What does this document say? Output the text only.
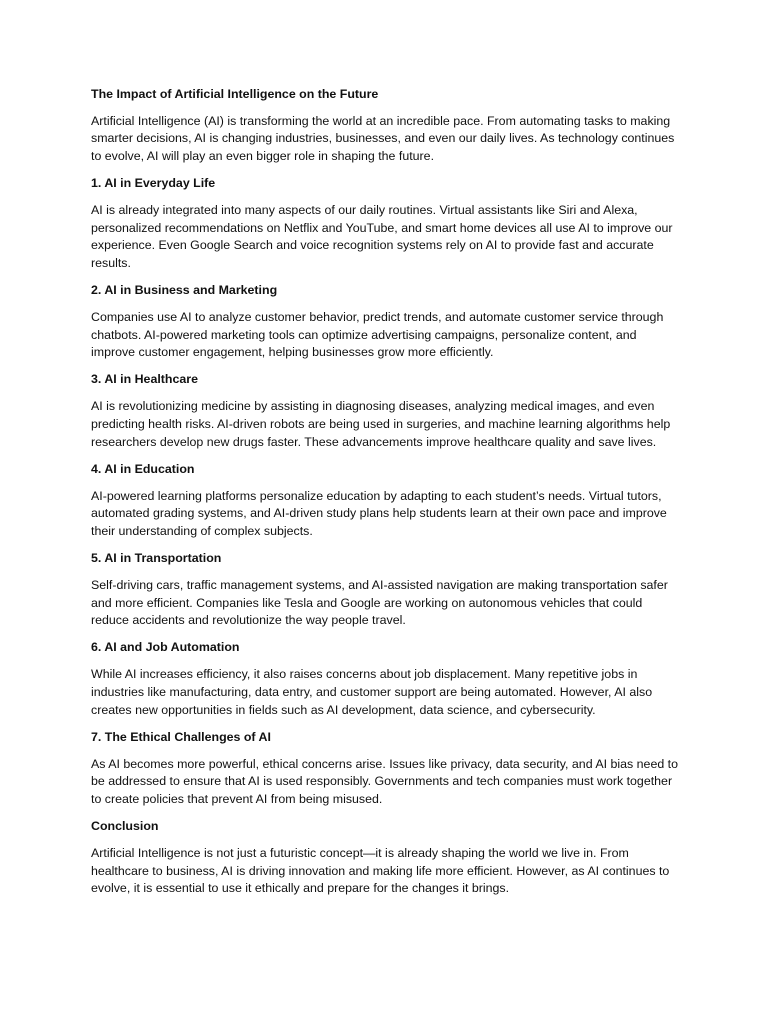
The Impact of Artificial Intelligence on the Future
Artificial Intelligence (AI) is transforming the world at an incredible pace. From automating tasks to making smarter decisions, AI is changing industries, businesses, and even our daily lives. As technology continues to evolve, AI will play an even bigger role in shaping the future.
1. AI in Everyday Life
AI is already integrated into many aspects of our daily routines. Virtual assistants like Siri and Alexa, personalized recommendations on Netflix and YouTube, and smart home devices all use AI to improve our experience. Even Google Search and voice recognition systems rely on AI to provide fast and accurate results.
2. AI in Business and Marketing
Companies use AI to analyze customer behavior, predict trends, and automate customer service through chatbots. AI-powered marketing tools can optimize advertising campaigns, personalize content, and improve customer engagement, helping businesses grow more efficiently.
3. AI in Healthcare
AI is revolutionizing medicine by assisting in diagnosing diseases, analyzing medical images, and even predicting health risks. AI-driven robots are being used in surgeries, and machine learning algorithms help researchers develop new drugs faster. These advancements improve healthcare quality and save lives.
4. AI in Education
AI-powered learning platforms personalize education by adapting to each student’s needs. Virtual tutors, automated grading systems, and AI-driven study plans help students learn at their own pace and improve their understanding of complex subjects.
5. AI in Transportation
Self-driving cars, traffic management systems, and AI-assisted navigation are making transportation safer and more efficient. Companies like Tesla and Google are working on autonomous vehicles that could reduce accidents and revolutionize the way people travel.
6. AI and Job Automation
While AI increases efficiency, it also raises concerns about job displacement. Many repetitive jobs in industries like manufacturing, data entry, and customer support are being automated. However, AI also creates new opportunities in fields such as AI development, data science, and cybersecurity.
7. The Ethical Challenges of AI
As AI becomes more powerful, ethical concerns arise. Issues like privacy, data security, and AI bias need to be addressed to ensure that AI is used responsibly. Governments and tech companies must work together to create policies that prevent AI from being misused.
Conclusion
Artificial Intelligence is not just a futuristic concept—it is already shaping the world we live in. From healthcare to business, AI is driving innovation and making life more efficient. However, as AI continues to evolve, it is essential to use it ethically and prepare for the changes it brings.
